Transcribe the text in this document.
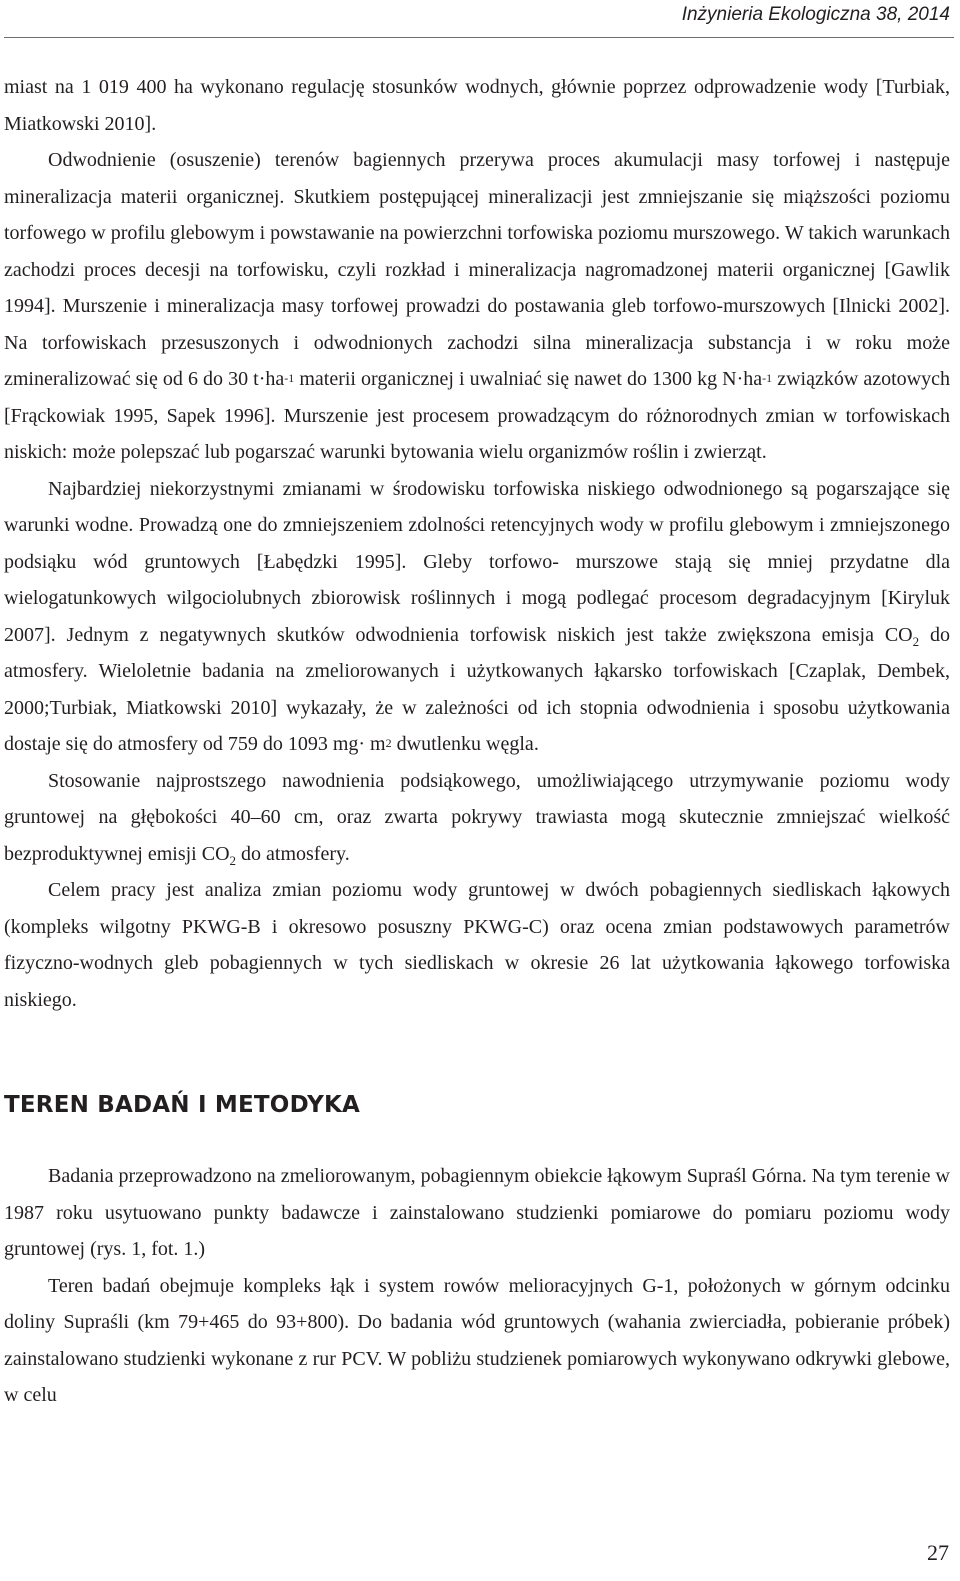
Inżynieria Ekologiczna 38, 2014

miast na 1 019 400 ha wykonano regulację stosunków wodnych, głównie poprzez odprowadzenie wody [Turbiak, Miatkowski 2010].

Odwodnienie (osuszenie) terenów bagiennych przerywa proces akumulacji masy torfowej i następuje mineralizacja materii organicznej. Skutkiem postępującej mineralizacji jest zmniejszanie się miąższości poziomu torfowego w profilu glebowym i powstawanie na powierzchni torfowiska poziomu murszowego. W takich warunkach zachodzi proces decesji na torfowisku, czyli rozkład i mineralizacja nagromadzonej materii organicznej [Gawlik 1994]. Murszenie i mineralizacja masy torfowej prowadzi do postawania gleb torfowo-murszowych [Ilnicki 2002]. Na torfowiskach przesuszonych i odwodnionych zachodzi silna mineralizacja substancja i w roku może zmineralizować się od 6 do 30 $t\cdot ha^{-1}$ materii organicznej i uwalniać się nawet do 1300 kg $N\cdot ha^{-1}$ związków azotowych [Frąckowiak 1995, Sapek 1996]. Murszenie jest procesem prowadzącym do różnorodnych zmian w torfowiskach niskich: może polepszać lub pogarszać warunki bytowania wielu organizmów roślin i zwierząt.

Najbardziej niekorzystnymi zmianami w środowisku torfowiska niskiego odwodnionego są pogarszające się warunki wodne. Prowadzą one do zmniejszeniem zdolności retencyjnych wody w profilu glebowym i zmniejszonego podsiąku wód gruntowych [Łabędzki 1995]. Gleby torfowo- murszowe stają się mniej przydatne dla wielogatunkowych wilgociolubnych zbiorowisk roślinnych i mogą podlegać procesom degradacyjnym [Kiryluk 2007]. Jednym z negatywnych skutków odwodnienia torfowisk niskich jest także zwiększona emisja $CO_2$ do atmosfery. Wieloletnie badania na zmeliorowanych i użytkowanych łąkarsko torfowiskach [Czaplak, Dembek, 2000;Turbiak, Miatkowski 2010] wykazały, że w zależności od ich stopnia odwodnienia i sposobu użytkowania dostaje się do atmosfery od 759 do 1093 $mg\cdot m^2$ dwutlenku węgla.

Stosowanie najprostszego nawodnienia podsiąkowego, umożliwiającego utrzymywanie poziomu wody gruntowej na głębokości 40–60 cm, oraz zwarta pokrywy trawiasta mogą skutecznie zmniejszać wielkość bezproduktywnej emisji $CO_2$ do atmosfery.

Celem pracy jest analiza zmian poziomu wody gruntowej w dwóch pobagiennych siedliskach łąkowych (kompleks wilgotny PKWG-B i okresowo posuszny PKWG-C) oraz ocena zmian podstawowych parametrów fizyczno-wodnych gleb pobagiennych w tych siedliskach w okresie 26 lat użytkowania łąkowego torfowiska niskiego.

TEREN BADAŃ I METODYKA

Badania przeprowadzono na zmeliorowanym, pobagiennym obiekcie łąkowym Supraśl Górna. Na tym terenie w 1987 roku usytuowano punkty badawcze i zainstalowano studzienki pomiarowe do pomiaru poziomu wody gruntowej (rys. 1, fot. 1.)

Teren badań obejmuje kompleks łąk i system rowów melioracyjnych G-1, położonych w górnym odcinku doliny Supraśli (km 79+465 do 93+800). Do badania wód gruntowych (wahania zwierciadła, pobieranie próbek) zainstalowano studzienki wykonane z rur PCV. W pobliżu studzienek pomiarowych wykonywano odkrywki glebowe, w celu

27
